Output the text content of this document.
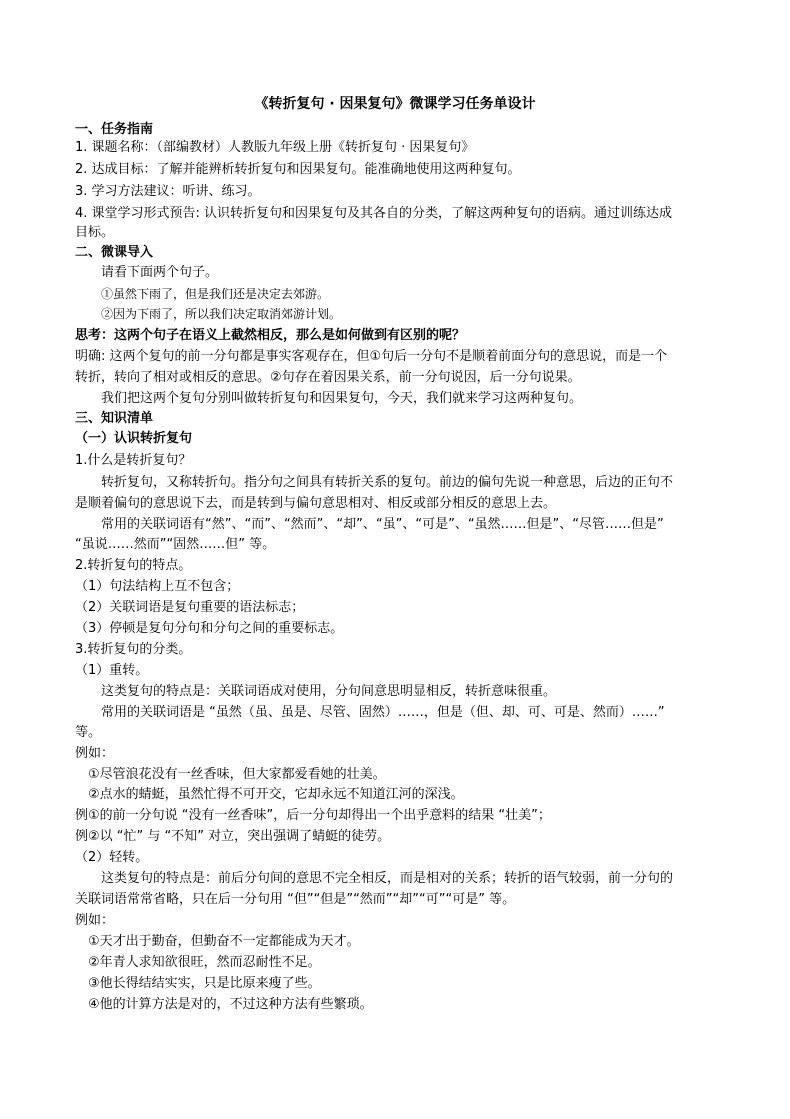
《转折复句 · 因果复句》微课学习任务单设计
一、任务指南
1. 课题名称：（部编教材）人教版九年级上册《转折复句 · 因果复句》
2. 达成目标：了解并能辨析转折复句和因果复句。能准确地使用这两种复句。
3. 学习方法建议：听讲、练习。
4. 课堂学习形式预告: 认识转折复句和因果复句及其各自的分类，了解这两种复句的语病。通过训练达成
目标。
二、微课导入
请看下面两个句子。
①虽然下雨了，但是我们还是决定去郊游。
②因为下雨了，所以我们决定取消郊游计划。
思考：这两个句子在语义上截然相反，那么是如何做到有区别的呢？
明确: 这两个复句的前一分句都是事实客观存在，但①句后一分句不是顺着前面分句的意思说，而是一个
转折，转向了相对或相反的意思。②句存在着因果关系，前一分句说因，后一分句说果。
我们把这两个复句分别叫做转折复句和因果复句，今天，我们就来学习这两种复句。
三、知识清单
（一）认识转折复句
1.什么是转折复句？
转折复句，又称转折句。指分句之间具有转折关系的复句。前边的偏句先说一种意思，后边的正句不
是顺着偏句的意思说下去，而是转到与偏句意思相对、相反或部分相反的意思上去。
常用的关联词语有“然”、“而”、“然而”、“却”、“虽”、“可是”、“虽然……但是”、“尽管……但是”
“虽说……然而”“固然……但” 等。
2.转折复句的特点。
（1）句法结构上互不包含；
（2）关联词语是复句重要的语法标志；
（3）停顿是复句分句和分句之间的重要标志。
3.转折复句的分类。
（1）重转。
这类复句的特点是：关联词语成对使用，分句间意思明显相反，转折意味很重。
常用的关联词语是 “虽然（虽、虽是、尽管、固然）……，但是（但、却、可、可是、然而）……”
等。
例如：
①尽管浪花没有一丝香味，但大家都爱看她的壮美。
②点水的蜻蜓，虽然忙得不可开交，它却永远不知道江河的深浅。
例①的前一分句说 “没有一丝香味”，后一分句却得出一个出乎意料的结果 “壮美”；
例②以 “忙” 与 “不知” 对立，突出强调了蜻蜓的徒劳。
（2）轻转。
这类复句的特点是：前后分句间的意思不完全相反，而是相对的关系；转折的语气较弱，前一分句的
关联词语常常省略，只在后一分句用 “但”“但是”“然而”“却”“可”“可是” 等。
例如：
①天才出于勤奋，但勤奋不一定都能成为天才。
②年青人求知欲很旺，然而忍耐性不足。
③他长得结结实实，只是比原来瘦了些。
④他的计算方法是对的，不过这种方法有些繁琐。
